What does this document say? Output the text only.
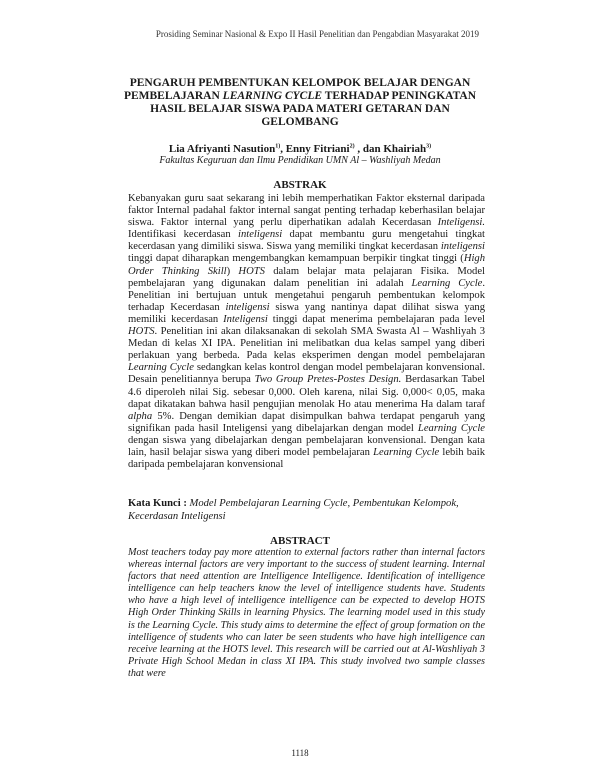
Prosiding Seminar Nasional & Expo II Hasil Penelitian dan Pengabdian Masyarakat 2019
PENGARUH PEMBENTUKAN KELOMPOK BELAJAR DENGAN
PEMBELAJARAN LEARNING CYCLE TERHADAP PENINGKATAN
HASIL BELAJAR SISWA PADA MATERI GETARAN DAN
GELOMBANG
Lia Afriyanti Nasution$^{1)}$, Enny Fitriani$^{2)}$ , dan Khairiah$^{3)}$
Fakultas Keguruan dan Ilmu Pendidikan UMN Al – Washliyah Medan
ABSTRAK
Kebanyakan guru saat sekarang ini lebih memperhatikan Faktor eksternal daripada faktor Internal padahal faktor internal sangat penting terhadap keberhasilan belajar siswa. Faktor internal yang perlu diperhatikan adalah Kecerdasan Inteligensi. Identifikasi kecerdasan inteligensi dapat membantu guru mengetahui tingkat kecerdasan yang dimiliki siswa. Siswa yang memiliki tingkat kecerdasan inteligensi tinggi dapat diharapkan mengembangkan kemampuan berpikir tingkat tinggi (High Order Thinking Skill) HOTS dalam belajar mata pelajaran Fisika. Model pembelajaran yang digunakan dalam penelitian ini adalah Learning Cycle. Penelitian ini bertujuan untuk mengetahui pengaruh pembentukan kelompok terhadap Kecerdasan inteligensi siswa yang nantinya dapat dilihat siswa yang memiliki kecerdasan Inteligensi tinggi dapat menerima pembelajaran pada level HOTS. Penelitian ini akan dilaksanakan di sekolah SMA Swasta Al – Washliyah 3 Medan di kelas XI IPA. Penelitian ini melibatkan dua kelas sampel yang diberi perlakuan yang berbeda. Pada kelas eksperimen dengan model pembelajaran Learning Cycle sedangkan kelas kontrol dengan model pembelajaran konvensional. Desain penelitiannya berupa Two Group Pretes-Postes Design. Berdasarkan Tabel 4.6 diperoleh nilai Sig. sebesar 0,000. Oleh karena, nilai Sig. 0,000< 0,05, maka dapat dikatakan bahwa hasil pengujian menolak Ho atau menerima Ha dalam taraf alpha 5%. Dengan demikian dapat disimpulkan bahwa terdapat pengaruh yang signifikan pada hasil Inteligensi yang dibelajarkan dengan model Learning Cycle dengan siswa yang dibelajarkan dengan pembelajaran konvensional. Dengan kata lain, hasil belajar siswa yang diberi model pembelajaran Learning Cycle lebih baik daripada pembelajaran konvensional
Kata Kunci : Model Pembelajaran Learning Cycle, Pembentukan Kelompok, Kecerdasan Inteligensi
ABSTRACT
Most teachers today pay more attention to external factors rather than internal factors whereas internal factors are very important to the success of student learning. Internal factors that need attention are Intelligence Intelligence. Identification of intelligence intelligence can help teachers know the level of intelligence students have. Students who have a high level of intelligence intelligence can be expected to develop HOTS High Order Thinking Skills in learning Physics. The learning model used in this study is the Learning Cycle. This study aims to determine the effect of group formation on the intelligence of students who can later be seen students who have high intelligence can receive learning at the HOTS level. This research will be carried out at Al-Washliyah 3 Private High School Medan in class XI IPA. This study involved two sample classes that were
1118
